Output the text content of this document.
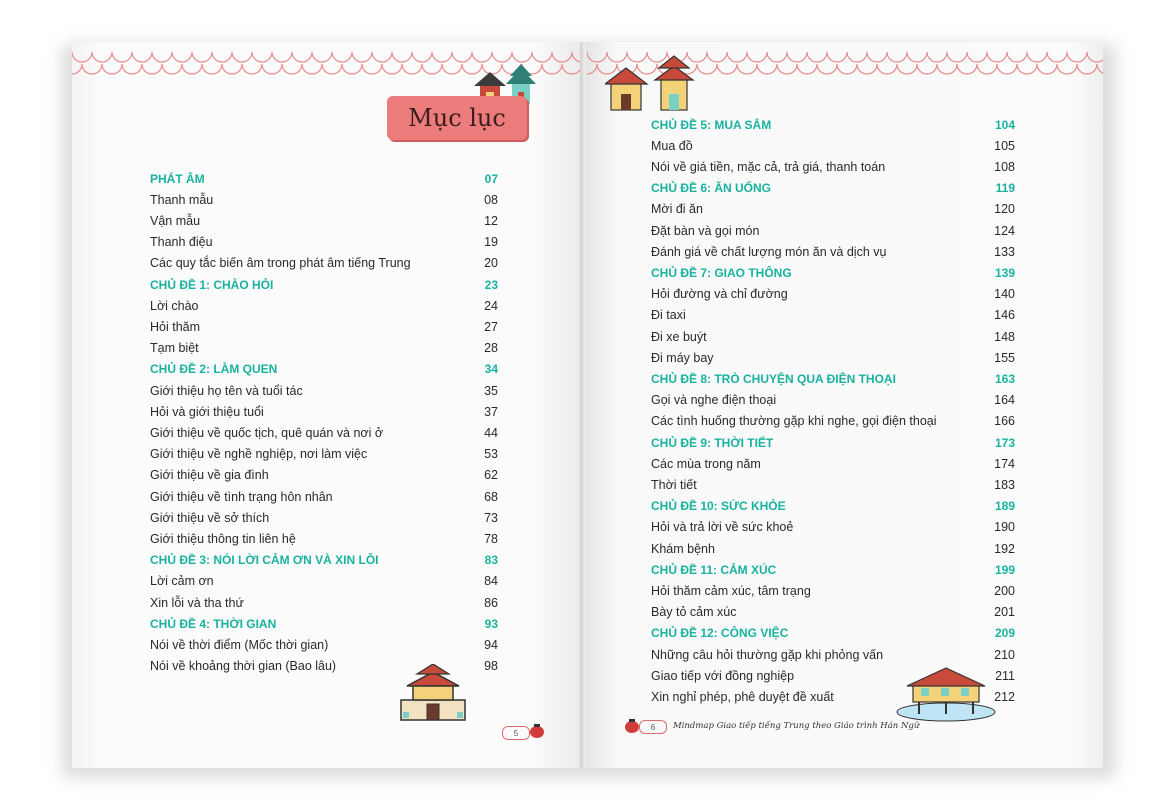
Mục lục
PHÁT ÂM	07
Thanh mẫu	08
Vận mẫu	12
Thanh điệu	19
Các quy tắc biến âm trong phát âm tiếng Trung	20
CHỦ ĐỀ 1: CHÀO HỎI	23
Lời chào	24
Hỏi thăm	27
Tạm biệt	28
CHỦ ĐỀ 2: LÀM QUEN	34
Giới thiệu họ tên và tuổi tác	35
Hỏi và giới thiệu tuổi	37
Giới thiệu về quốc tịch, quê quán và nơi ở	44
Giới thiệu về nghề nghiệp, nơi làm việc	53
Giới thiệu về gia đình	62
Giới thiệu về tình trạng hôn nhân	68
Giới thiệu về sở thích	73
Giới thiệu thông tin liên hệ	78
CHỦ ĐỀ 3: NÓI LỜI CẢM ƠN VÀ XIN LỖI	83
Lời cảm ơn	84
Xin lỗi và tha thứ	86
CHỦ ĐỀ 4: THỜI GIAN	93
Nói về thời điểm (Mốc thời gian)	94
Nói về khoảng thời gian (Bao lâu)	98
5
CHỦ ĐỀ 5: MUA SẮM	104
Mua đồ	105
Nói về giá tiền, mặc cả, trả giá, thanh toán	108
CHỦ ĐỀ 6: ĂN UỐNG	119
Mời đi ăn	120
Đặt bàn và gọi món	124
Đánh giá về chất lượng món ăn và dịch vụ	133
CHỦ ĐỀ 7: GIAO THÔNG	139
Hỏi đường và chỉ đường	140
Đi taxi	146
Đi xe buýt	148
Đi máy bay	155
CHỦ ĐỀ 8: TRÒ CHUYỆN QUA ĐIỆN THOẠI	163
Gọi và nghe điện thoại	164
Các tình huống thường gặp khi nghe, gọi điện thoại	166
CHỦ ĐỀ 9: THỜI TIẾT	173
Các mùa trong năm	174
Thời tiết	183
CHỦ ĐỀ 10: SỨC KHỎE	189
Hỏi và trả lời về sức khoẻ	190
Khám bệnh	192
CHỦ ĐỀ 11: CẢM XÚC	199
Hỏi thăm cảm xúc, tâm trạng	200
Bày tỏ cảm xúc	201
CHỦ ĐỀ 12: CÔNG VIỆC	209
Những câu hỏi thường gặp khi phỏng vấn	210
Giao tiếp với đồng nghiệp	211
Xin nghỉ phép, phê duyệt đề xuất	212
6 Mindmap Giao tiếp tiếng Trung theo Giáo trình Hán Ngữ
